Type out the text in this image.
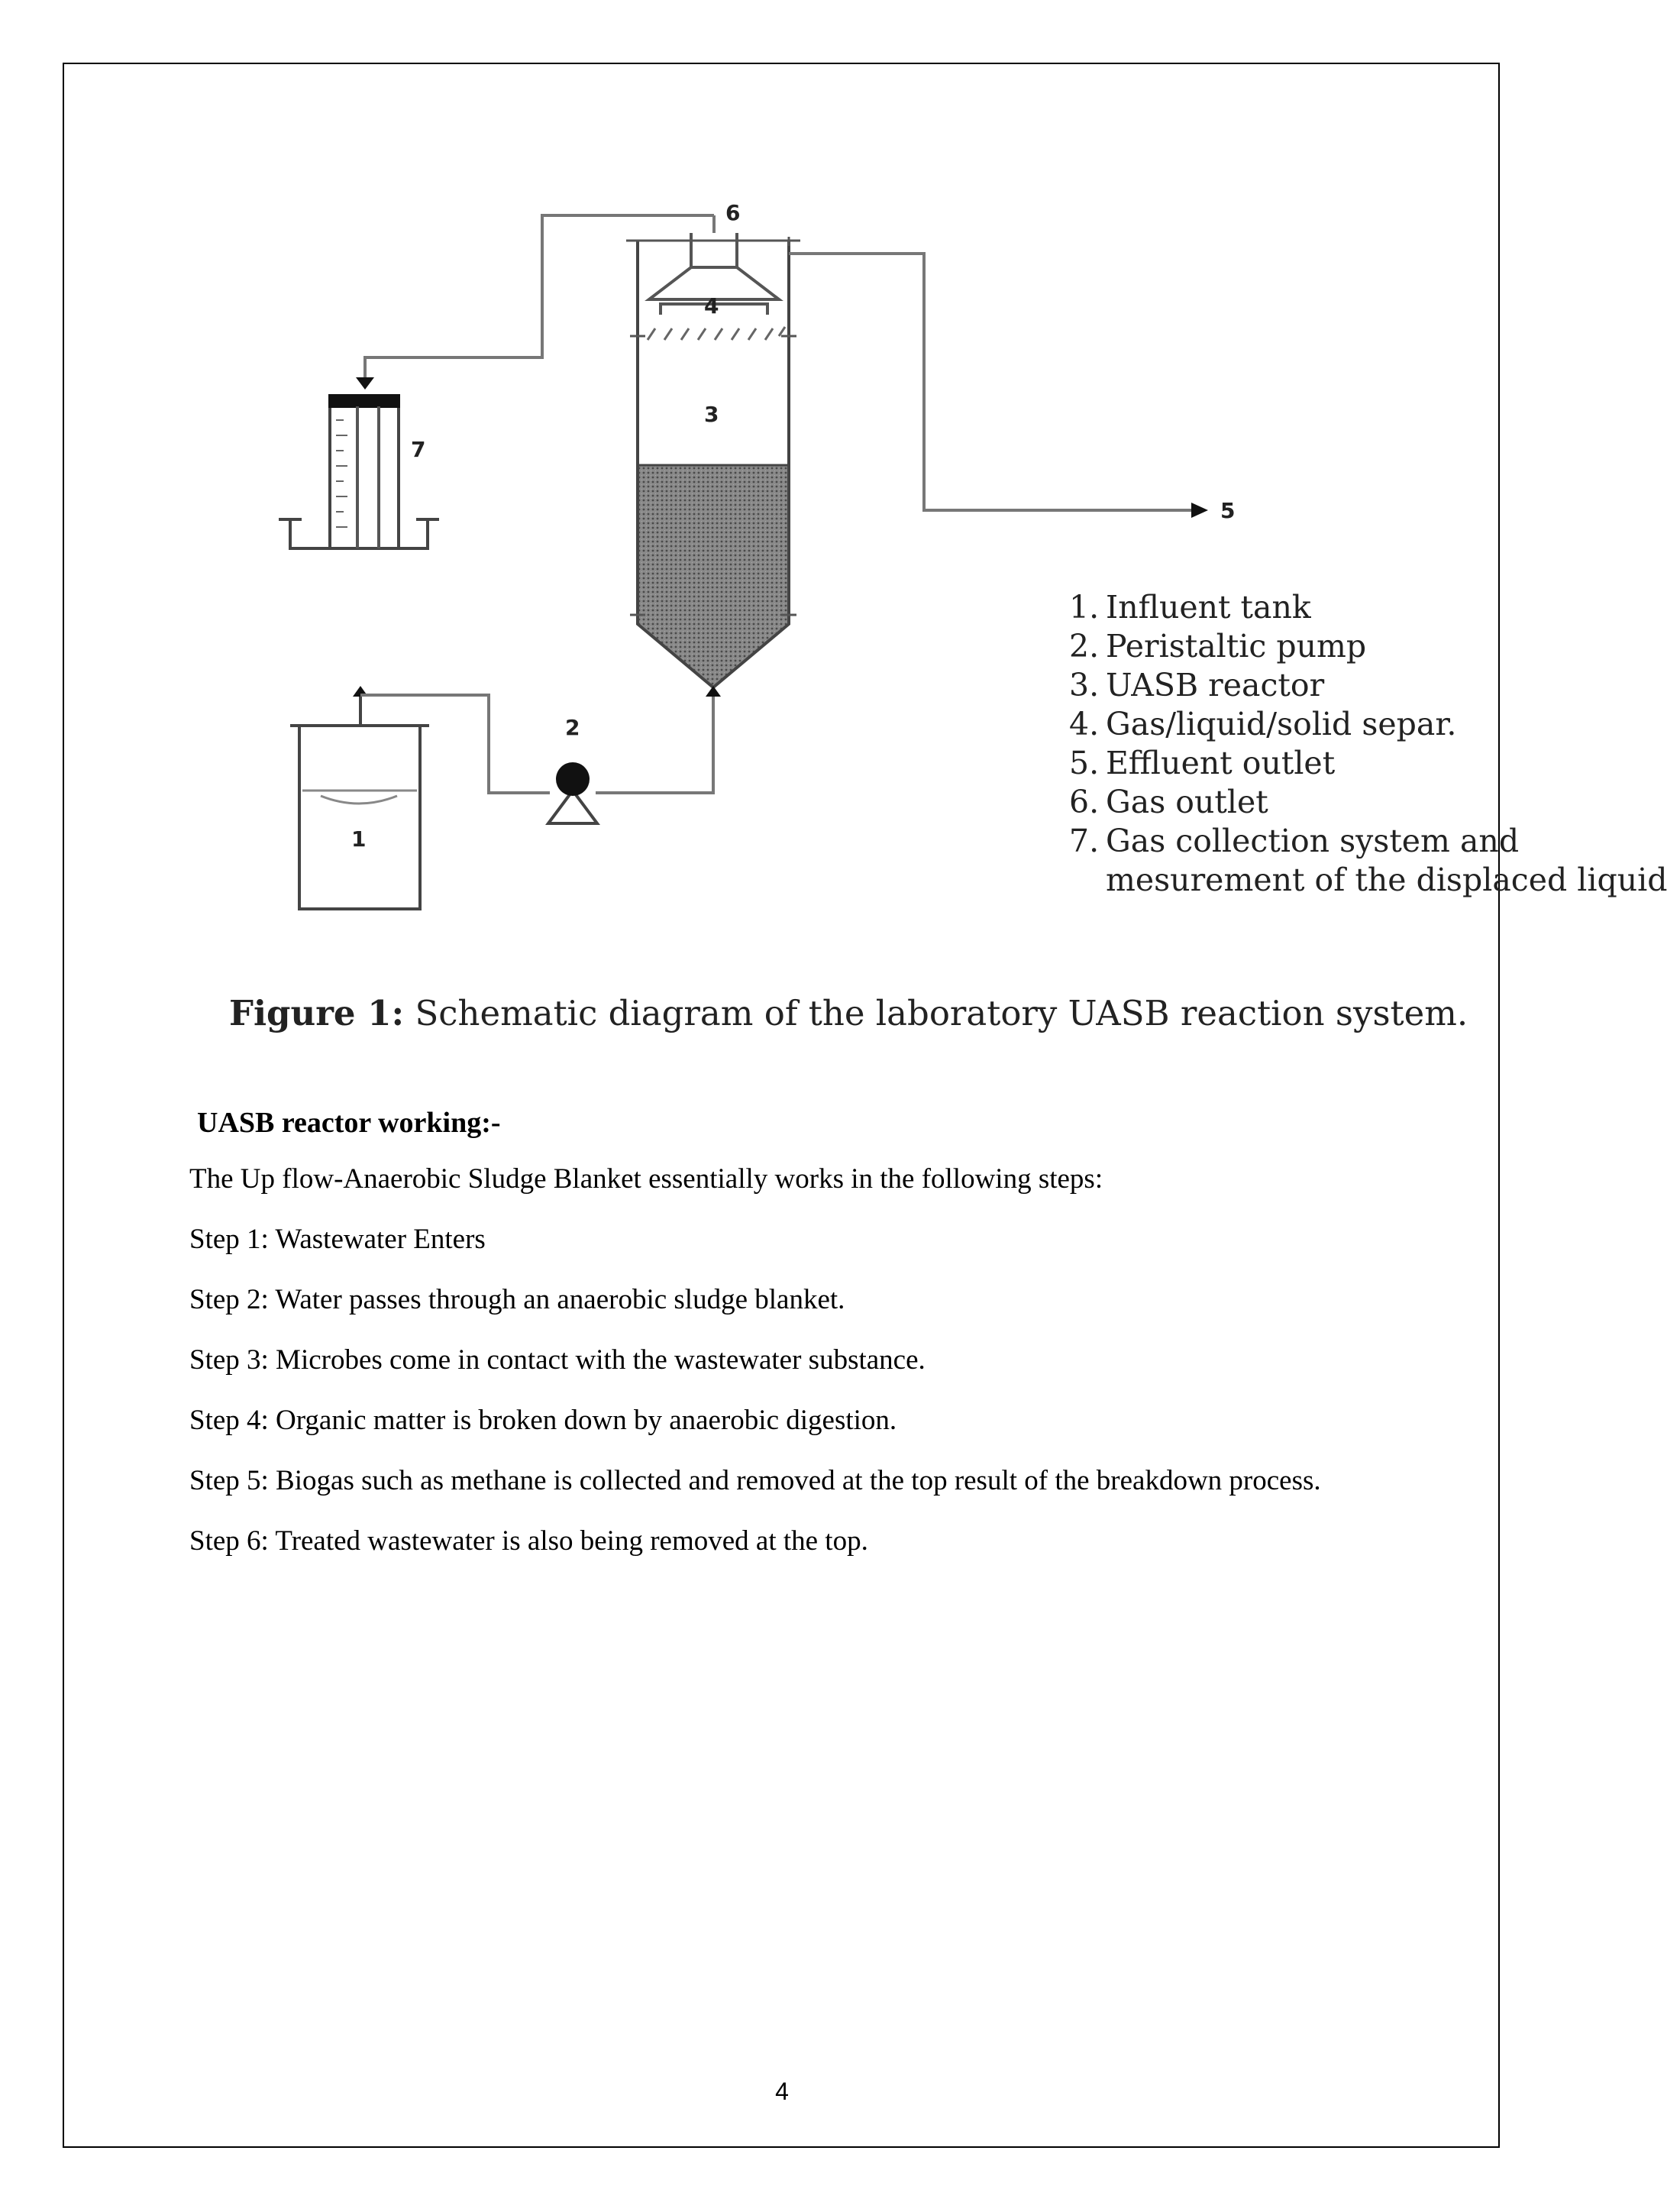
6
4
3
5
7
2
1
1. Influent tank
2. Peristaltic pump
3. UASB reactor
4. Gas/liquid/solid separ.
5. Effluent outlet
6. Gas outlet
7. Gas collection system and mesurement of the displaced liquid
Figure 1: Schematic diagram of the laboratory UASB reaction system.
UASB reactor working:-

The Up flow-Anaerobic Sludge Blanket essentially works in the following steps:

Step 1: Wastewater Enters

Step 2: Water passes through an anaerobic sludge blanket.

Step 3: Microbes come in contact with the wastewater substance.

Step 4: Organic matter is broken down by anaerobic digestion.

Step 5: Biogas such as methane is collected and removed at the top result of the breakdown process.

Step 6: Treated wastewater is also being removed at the top.

4
